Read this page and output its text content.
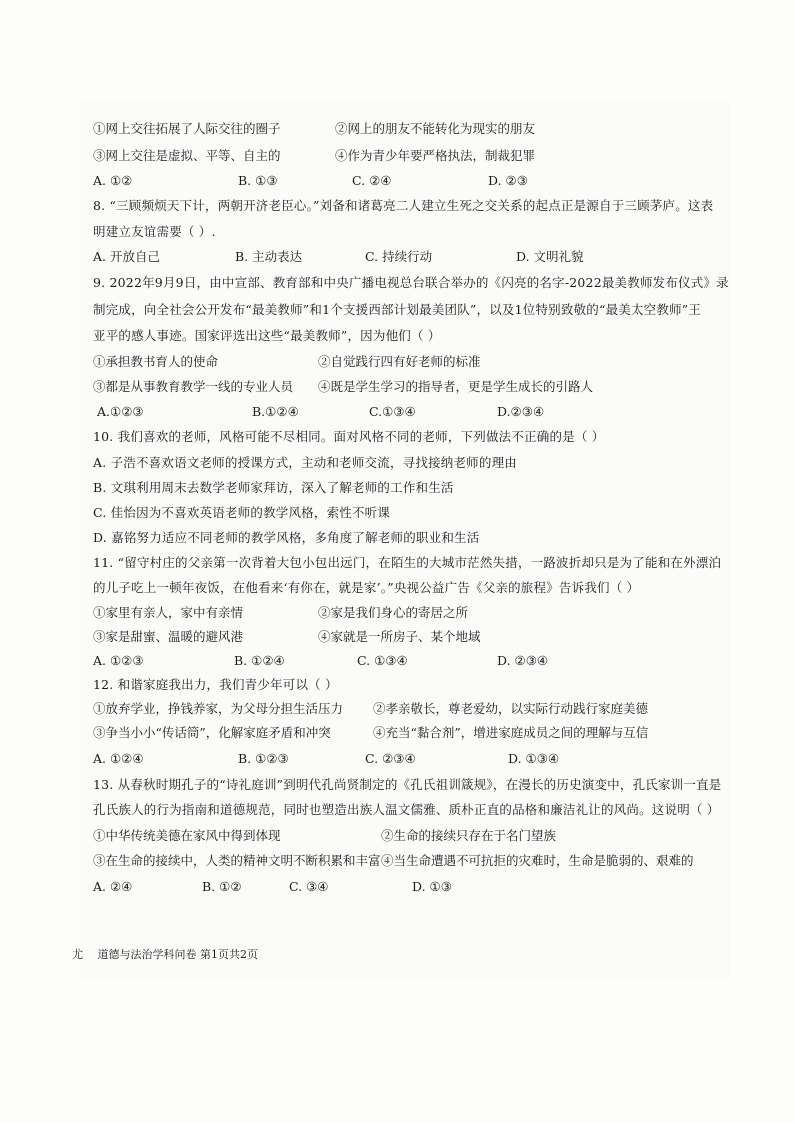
①网上交往拓展了人际交往的圈子	②网上的朋友不能转化为现实的朋友
③网上交往是虚拟、平等、自主的	④作为青少年要严格执法，制裁犯罪
A. ①②	B. ①③	C. ②④	D. ②③
8. “三顾频烦天下计，两朝开济老臣心。”刘备和诸葛亮二人建立生死之交关系的起点正是源自于三顾茅庐。这表
明建立友谊需要（ ）.
A. 开放自己	B. 主动表达	C. 持续行动	D. 文明礼貌
9. 2022年9月9日，由中宣部、教育部和中央广播电视总台联合举办的《闪亮的名字-2022最美教师发布仪式》录
制完成，向全社会公开发布“最美教师”和1个支援西部计划最美团队”，以及1位特别致敬的“最美太空教师”王
亚平的感人事迹。国家评选出这些“最美教师”，因为他们（ ）
①承担教书育人的使命	②自觉践行四有好老师的标准
③都是从事教育教学一线的专业人员 ④既是学生学习的指导者，更是学生成长的引路人
A.①②③	B.①②④	C.①③④	D.②③④
10. 我们喜欢的老师，风格可能不尽相同。面对风格不同的老师，下列做法不正确的是（ ）
A. 子浩不喜欢语文老师的授课方式，主动和老师交流，寻找接纳老师的理由
B. 文琪利用周末去数学老师家拜访，深入了解老师的工作和生活
C. 佳怡因为不喜欢英语老师的教学风格，索性不听课
D. 嘉铭努力适应不同老师的教学风格，多角度了解老师的职业和生活
11. “留守村庄的父亲第一次背着大包小包出远门，在陌生的大城市茫然失措，一路波折却只是为了能和在外漂泊
的儿子吃上一顿年夜饭，在他看来‘有你在，就是家’。”央视公益广告《父亲的旅程》告诉我们（ ）
①家里有亲人，家中有亲情	②家是我们身心的寄居之所
③家是甜蜜、温暖的避风港	④家就是一所房子、某个地域
A. ①②③	B. ①②④	C. ①③④	D. ②③④
12. 和谐家庭我出力，我们青少年可以（ ）
①放弃学业，挣钱养家，为父母分担生活压力 ②孝亲敬长，尊老爱幼，以实际行动践行家庭美德
③争当小小“传话筒”，化解家庭矛盾和冲突	④充当“黏合剂”，增进家庭成员之间的理解与互信
A. ①②④	B. ①②③	C. ②③④	D. ①③④
13. 从春秋时期孔子的“诗礼庭训”到明代孔尚贤制定的《孔氏祖训箴规》，在漫长的历史演变中，孔氏家训一直是
孔氏族人的行为指南和道德规范，同时也塑造出族人温文儒雅、质朴正直的品格和廉洁礼让的风尚。这说明（ ）
①中华传统美德在家风中得到体现	②生命的接续只存在于名门望族
③在生命的接续中，人类的精神文明不断积累和丰富 ④当生命遭遇不可抗拒的灾难时，生命是脆弱的、艰难的
A. ②④	B. ①②	C. ③④	D. ①③
尤 道德与法治学科问卷 第1页共2页
